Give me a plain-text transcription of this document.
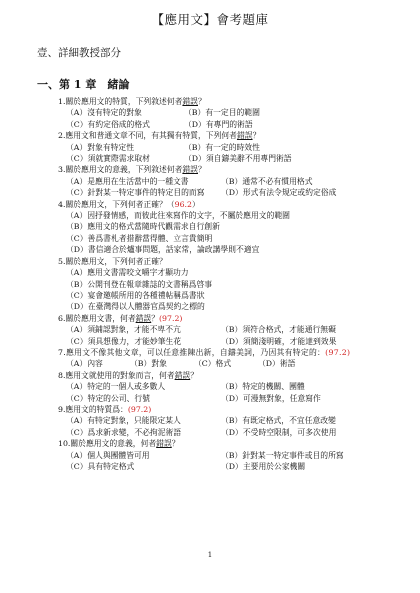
【應用文】會考題庫
壹、詳細教授部分
一、第 1 章　緒論

1.關於應用文的特質，下列敘述何者錯誤？

（A）沒有特定的對象	（B）有一定目的範圍
（C）有約定俗成的格式	（D）有專門的術語

2.應用文和普通文章不同，有其獨有特質，下列何者錯誤？

（A）對象有特定性	（B）有一定的時效性
（C）須就實際需求取材	（D）須自鑄美辭不用專門術語

3.關於應用文的意義，下列敘述何者錯誤？

（A）是應用在生活當中的一種文書	（B）通常不必有慣用格式
（C）針對某一特定事件的特定目的而寫	（D）形式有法令規定或約定俗成

4.關於應用文，下列何者正確？（96.2）

（A）因抒發情感，而彼此往來寫作的文字，不屬於應用文的範圍
（B）應用文的格式當隨時代觀需求自行創新
（C）善爲書札者措辭當得體、立言貴簡明
（D）書信適合於爐事問題，話家常，論政講學則不適宜

5.關於應用文，下列何者正確？

（A）應用文書需咬文嚼字才顯功力
（B）公開刊登在報章雜誌的文書稱爲啓事
（C）宴會邀帳所用的各種禮帖稱爲書狀
（D）在臺灣得以人體器官爲契約之標的

6.關於應用文書，何者錯誤？(97.2)

（A）須鋪認對象，才能不卑不亢	（B）須符合格式，才能通行無礙
（C）須具想像力，才能妙筆生花	（D）須簡淺明確，才能達到效果

7.應用文不像其他文章，可以任意推陳出新，自鑄美詞，乃因其有特定的：(97.2)

（A）內容	（B）對象	（C）格式	（D）術語

8.應用文就使用的對象而言，何者錯誤？

（A）特定的一個人或多數人	（B）特定的機關、團體
（C）特定的公司、行號	（D）可漫無對象，任意寫作

9.應用文的特質爲：(97.2)

（A）有特定對象，只能限定某人	（B）有既定格式，不宜任意改變
（C）爲求新求變，不必拘泥術語	（D）不受時空限制，可多次使用

10.關於應用文的意義，何者錯誤？

（A）個人與團體皆可用	（B）針對某一特定事件或目的所寫
（C）具有特定格式	（D）主要用於公家機關
1
